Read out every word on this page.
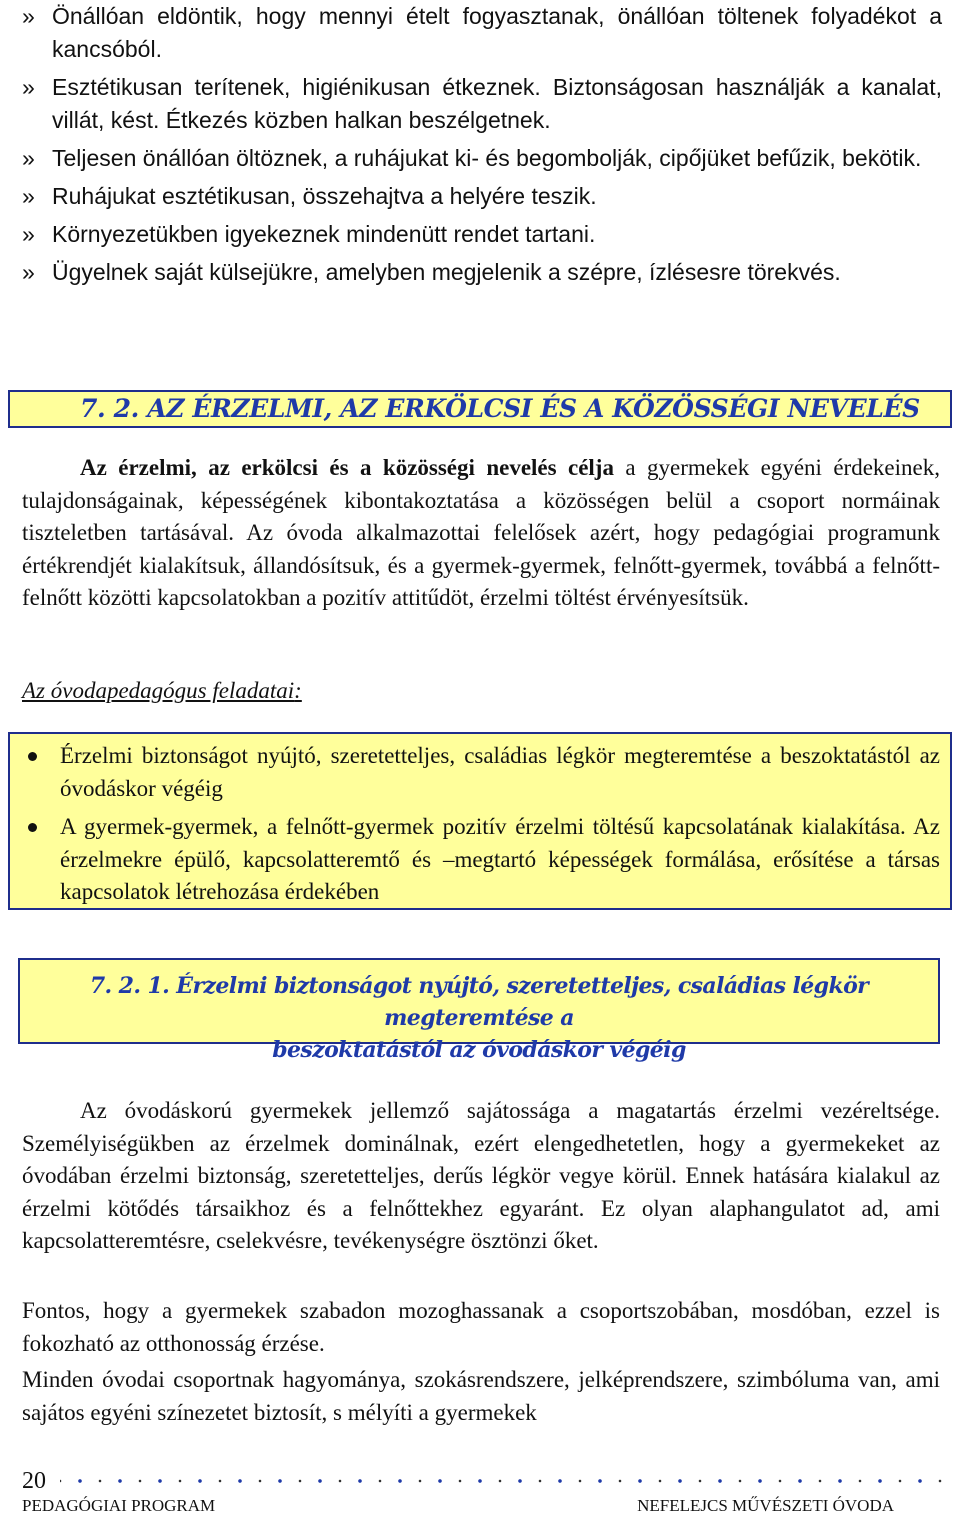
» Önállóan eldöntik, hogy mennyi ételt fogyasztanak, önállóan töltenek folyadékot a kancsóból.
» Esztétikusan terítenek, higiénikusan étkeznek. Biztonságosan használják a kanalat, villát, kést. Étkezés közben halkan beszélgetnek.
» Teljesen önállóan öltöznek, a ruhájukat ki- és begombolják, cipőjüket befűzik, bekötik.
» Ruhájukat esztétikusan, összehajtva a helyére teszik.
» Környezetükben igyekeznek mindenütt rendet tartani.
» Ügyelnek saját külsejükre, amelyben megjelenik a szépre, ízlésesre törekvés.
7. 2. AZ ÉRZELMI, AZ ERKÖLCSI ÉS A KÖZÖSSÉGI NEVELÉS
Az érzelmi, az erkölcsi és a közösségi nevelés célja a gyermekek egyéni érdekeinek, tulajdonságainak, képességének kibontakoztatása a közösségen belül a csoport normáinak tiszteletben tartásával. Az óvoda alkalmazottai felelősek azért, hogy pedagógiai programunk értékrendjét kialakítsuk, állandósítsuk, és a gyermek-gyermek, felnőtt-gyermek, továbbá a felnőtt-felnőtt közötti kapcsolatokban a pozitív attitűdöt, érzelmi töltést érvényesítsük.
Az óvodapedagógus feladatai:
Érzelmi biztonságot nyújtó, szeretetteljes, családias légkör megteremtése a beszoktatástól az óvodáskor végéig
A gyermek-gyermek, a felnőtt-gyermek pozitív érzelmi töltésű kapcsolatának kialakítása. Az érzelmekre épülő, kapcsolatteremtő és –megtartó képességek formálása, erősítése a társas kapcsolatok létrehozása érdekében
7. 2. 1. Érzelmi biztonságot nyújtó, szeretetteljes, családias légkör megteremtése a
beszoktatástól az óvodáskor végéig
Az óvodáskorú gyermekek jellemző sajátossága a magatartás érzelmi vezéreltsége. Személyiségükben az érzelmek dominálnak, ezért elengedhetetlen, hogy a gyermekeket az óvodában érzelmi biztonság, szeretetteljes, derűs légkör vegye körül. Ennek hatására kialakul az érzelmi kötődés társaikhoz és a felnőttekhez egyaránt. Ez olyan alaphangulatot ad, ami kapcsolatteremtésre, cselekvésre, tevékenységre ösztönzi őket.
Fontos, hogy a gyermekek szabadon mozoghassanak a csoportszobában, mosdóban, ezzel is fokozható az otthonosság érzése.
Minden óvodai csoportnak hagyománya, szokásrendszere, jelképrendszere, szimbóluma van, ami sajátos egyéni színezetet biztosít, s mélyíti a gyermekek
20
PEDAGÓGIAI PROGRAM	NEFELEJCS MŰVÉSZETI ÓVODA
